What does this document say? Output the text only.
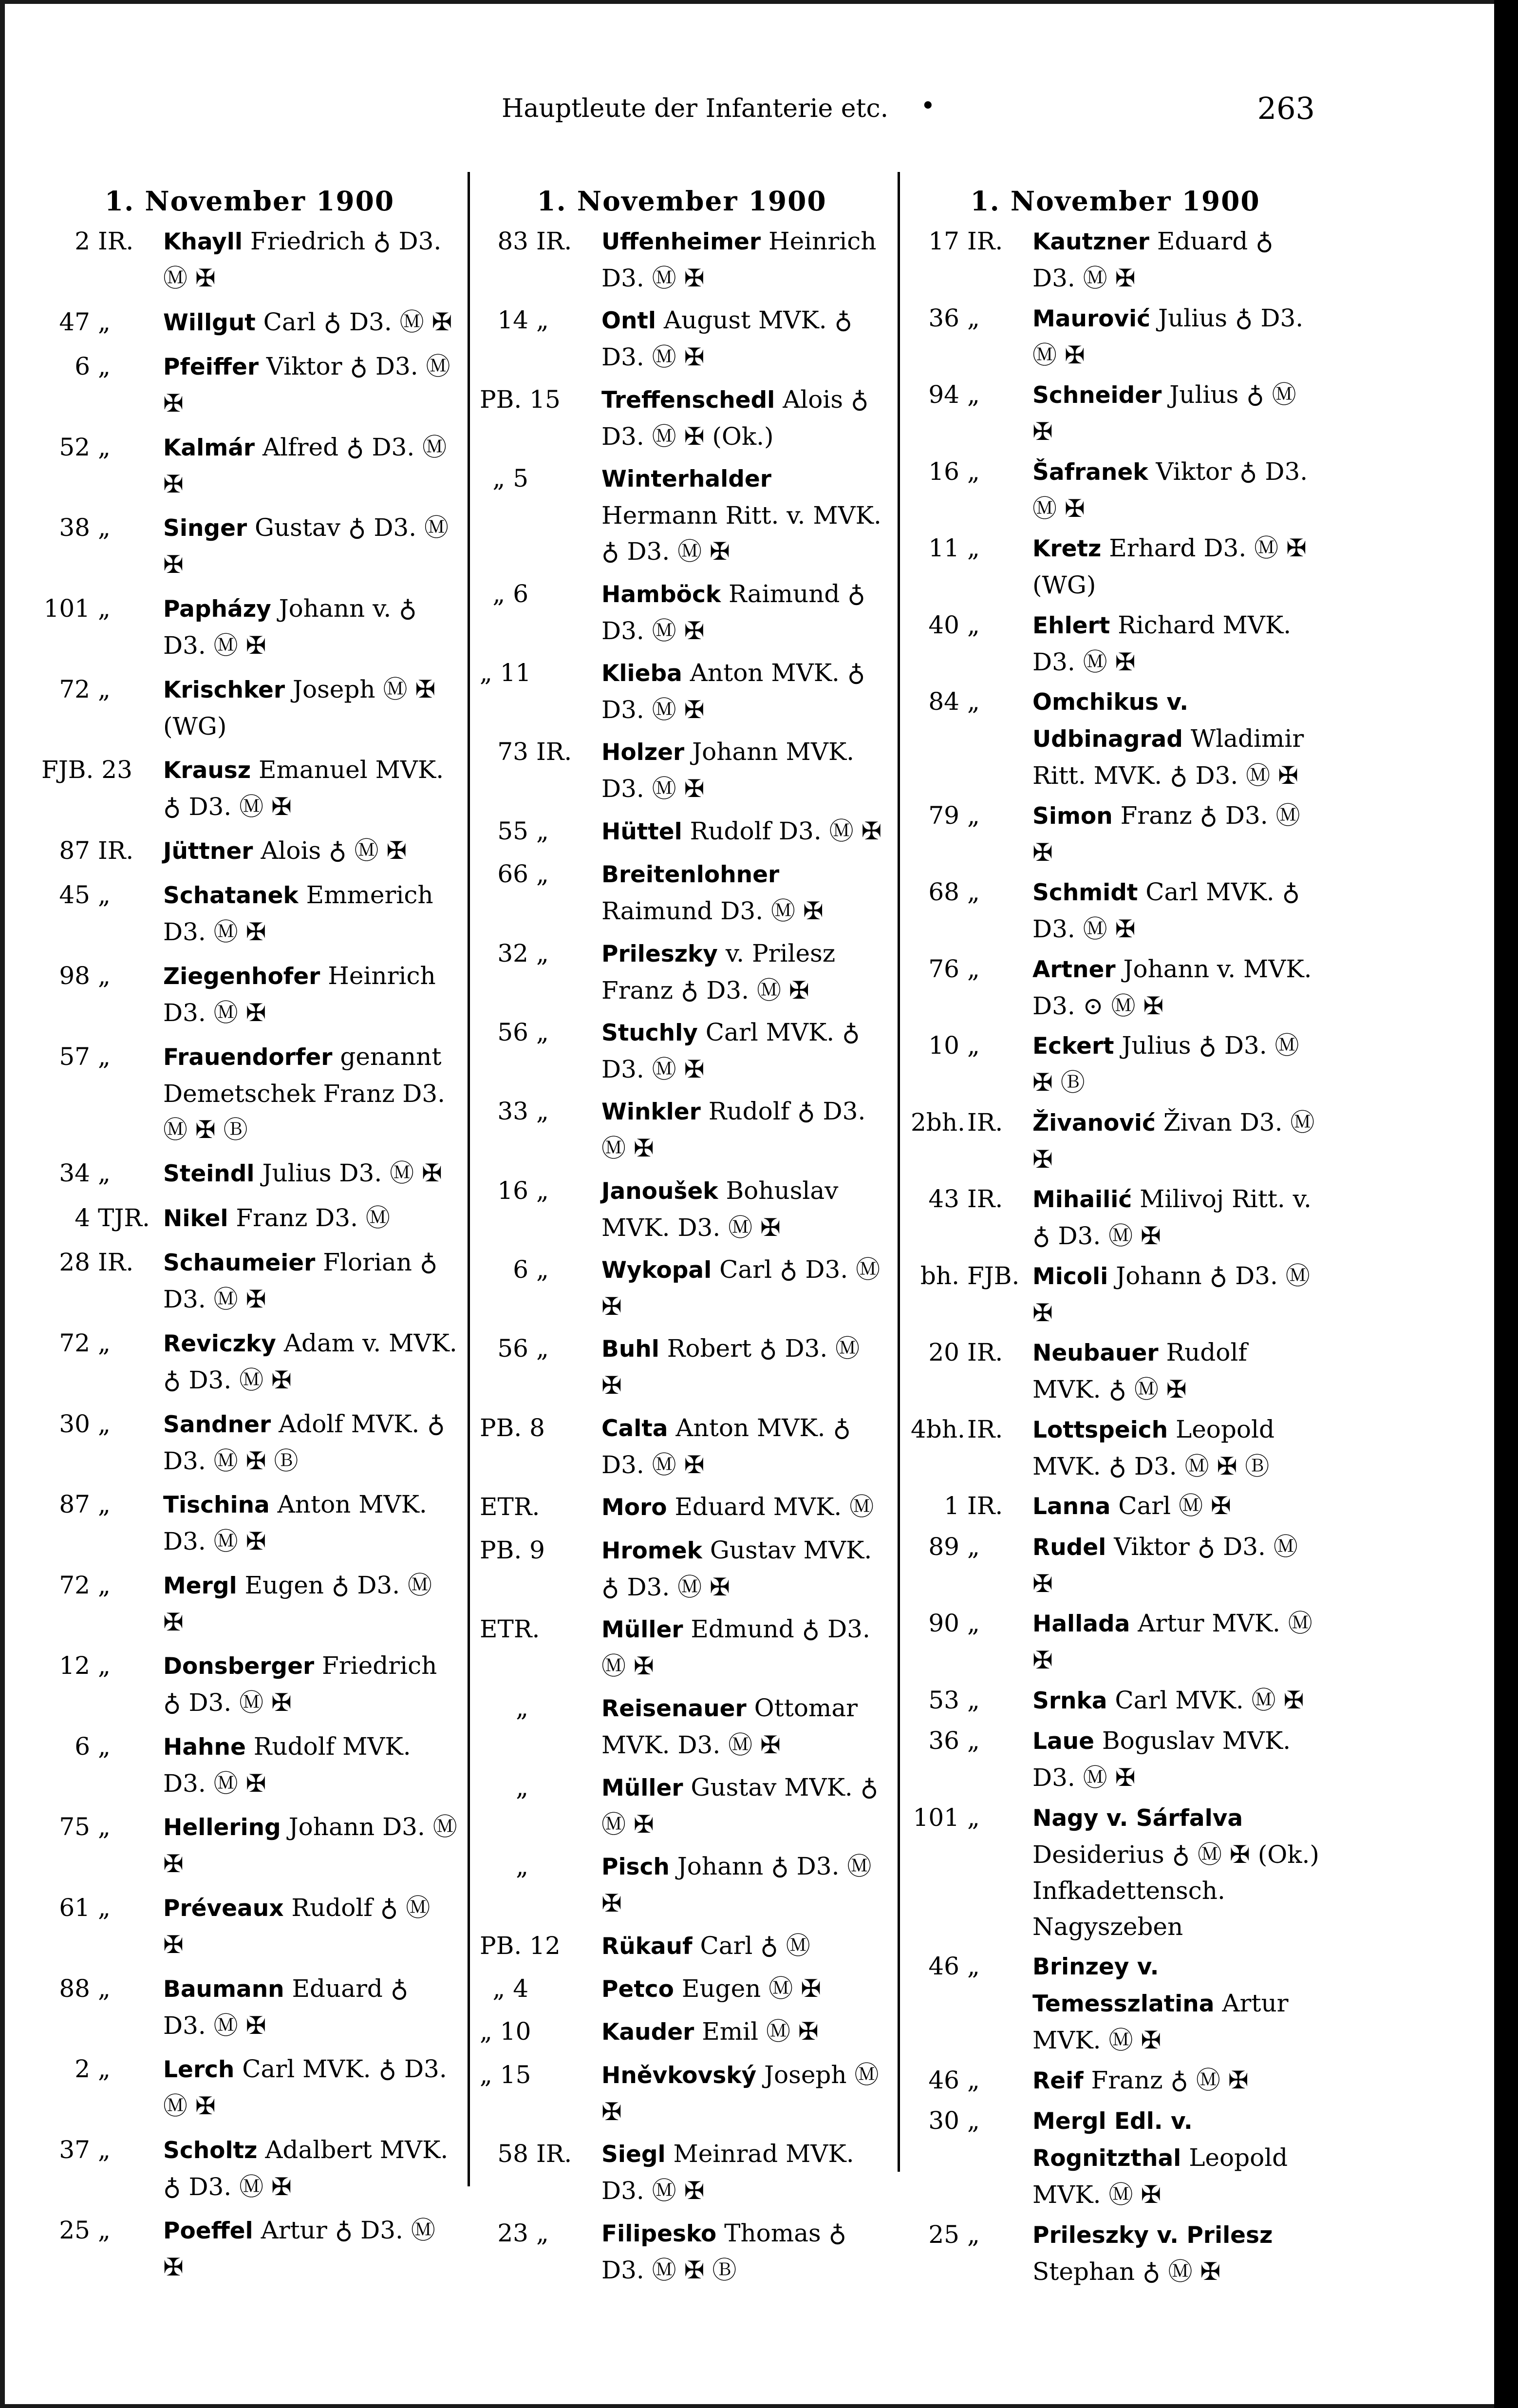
Hauptleute der Infanterie etc.	•	263
1. November 1900
2 IR.	Khayll Friedrich ♁ D3. Ⓜ ✠
47 „	Willgut Carl ♁ D3. Ⓜ ✠
6 „	Pfeiffer Viktor ♁ D3. Ⓜ ✠
52 „	Kalmár Alfred ♁ D3. Ⓜ ✠
38 „	Singer Gustav ♁ D3. Ⓜ ✠
101 „	Papházy Johann v. ♁ D3. Ⓜ ✠
72 „	Krischker Joseph Ⓜ ✠ (WG)
FJB. 23	Krausz Emanuel MVK. ♁ D3. Ⓜ ✠
87 IR.	Jüttner Alois ♁ Ⓜ ✠
45 „	Schatanek Emmerich D3. Ⓜ ✠
98 „	Ziegenhofer Heinrich D3. Ⓜ ✠
57 „	Frauendorfer genannt Demetschek Franz D3. Ⓜ ✠ Ⓑ
34 „	Steindl Julius D3. Ⓜ ✠
4 TJR. Nikel Franz D3. Ⓜ
28 IR.	Schaumeier Florian ♁ D3. Ⓜ ✠
72 „	Reviczky Adam v. MVK. ♁ D3. Ⓜ ✠
30 „	Sandner Adolf MVK. ♁ D3. Ⓜ ✠ Ⓑ
87 „	Tischina Anton MVK. D3. Ⓜ ✠
72 „	Mergl Eugen ♁ D3. Ⓜ ✠
12 „	Donsberger Friedrich ♁ D3. Ⓜ ✠
6 „	Hahne Rudolf MVK. D3. Ⓜ ✠
75 „	Hellering Johann D3. Ⓜ ✠
61 „	Préveaux Rudolf ♁ Ⓜ ✠
88 „	Baumann Eduard ♁ D3. Ⓜ ✠
2 „	Lerch Carl MVK. ♁ D3. Ⓜ ✠
37 „	Scholtz Adalbert MVK. ♁ D3. Ⓜ ✠
25 „	Poeffel Artur ♁ D3. Ⓜ ✠
1. November 1900
83 IR.	Uffenheimer Heinrich D3. Ⓜ ✠
14 „	Ontl August MVK. ♁ D3. Ⓜ ✠
PB. 15	Treffenschedl Alois ♁ D3. Ⓜ ✠ (Ok.)
„ 5	Winterhalder Hermann Ritt. v. MVK. ♁ D3. Ⓜ ✠
„ 6	Hamböck Raimund ♁ D3. Ⓜ ✠
„ 11	Klieba Anton MVK. ♁ D3. Ⓜ ✠
73 IR.	Holzer Johann MVK. D3. Ⓜ ✠
55 „	Hüttel Rudolf D3. Ⓜ ✠
66 „	Breitenlohner Raimund D3. Ⓜ ✠
32 „	Prileszky v. Prilesz Franz ♁ D3. Ⓜ ✠
56 „	Stuchly Carl MVK. ♁ D3. Ⓜ ✠
33 „	Winkler Rudolf ♁ D3. Ⓜ ✠
16 „	Janoušek Bohuslav MVK. D3. Ⓜ ✠
6 „	Wykopal Carl ♁ D3. Ⓜ ✠
56 „	Buhl Robert ♁ D3. Ⓜ ✠
PB. 8	Calta Anton MVK. ♁ D3. Ⓜ ✠
ETR.	Moro Eduard MVK. Ⓜ
PB. 9	Hromek Gustav MVK. ♁ D3. Ⓜ ✠
ETR.	Müller Edmund ♁ D3. Ⓜ ✠
„	Reisenauer Ottomar MVK. D3. Ⓜ ✠
„	Müller Gustav MVK. ♁ Ⓜ ✠
„	Pisch Johann ♁ D3. Ⓜ ✠
PB. 12	Rükauf Carl ♁ Ⓜ
„ 4	Petco Eugen Ⓜ ✠
„ 10	Kauder Emil Ⓜ ✠
„ 15	Hněvkovský Joseph Ⓜ ✠
58 IR.	Siegl Meinrad MVK. D3. Ⓜ ✠
23 „	Filipesko Thomas ♁ D3. Ⓜ ✠ Ⓑ
1. November 1900
17 IR.	Kautzner Eduard ♁ D3. Ⓜ ✠
36 „	Maurović Julius ♁ D3. Ⓜ ✠
94 „	Schneider Julius ♁ Ⓜ ✠
16 „	Šafranek Viktor ♁ D3. Ⓜ ✠
11 „	Kretz Erhard D3. Ⓜ ✠ (WG)
40 „	Ehlert Richard MVK. D3. Ⓜ ✠
84 „	Omchikus v. Udbinagrad Wladimir Ritt. MVK. ♁ D3. Ⓜ ✠
79 „	Simon Franz ♁ D3. Ⓜ ✠
68 „	Schmidt Carl MVK. ♁ D3. Ⓜ ✠
76 „	Artner Johann v. MVK. D3. ⊙ Ⓜ ✠
10 „	Eckert Julius ♁ D3. Ⓜ ✠ Ⓑ
2bh.IR.	Živanović Živan D3. Ⓜ ✠
43 IR.	Mihailić Milivoj Ritt. v. ♁ D3. Ⓜ ✠
bh. FJB. Micoli Johann ♁ D3. Ⓜ ✠
20 IR.	Neubauer Rudolf MVK. ♁ Ⓜ ✠
4bh.IR.	Lottspeich Leopold MVK. ♁ D3. Ⓜ ✠ Ⓑ
1 IR.	Lanna Carl Ⓜ ✠
89 „	Rudel Viktor ♁ D3. Ⓜ ✠
90 „	Hallada Artur MVK. Ⓜ ✠
53 „	Srnka Carl MVK. Ⓜ ✠
36 „	Laue Boguslav MVK. D3. Ⓜ ✠
101 „	Nagy v. Sárfalva Desiderius ♁ Ⓜ ✠ (Ok.) Infkadettensch. Nagyszeben
46 „	Brinzey v. Temesszlatina Artur MVK. Ⓜ ✠
46 „	Reif Franz ♁ Ⓜ ✠
30 „	Mergl Edl. v. Rognitzthal Leopold MVK. Ⓜ ✠
25 „	Prileszky v. Prilesz Stephan ♁ Ⓜ ✠
